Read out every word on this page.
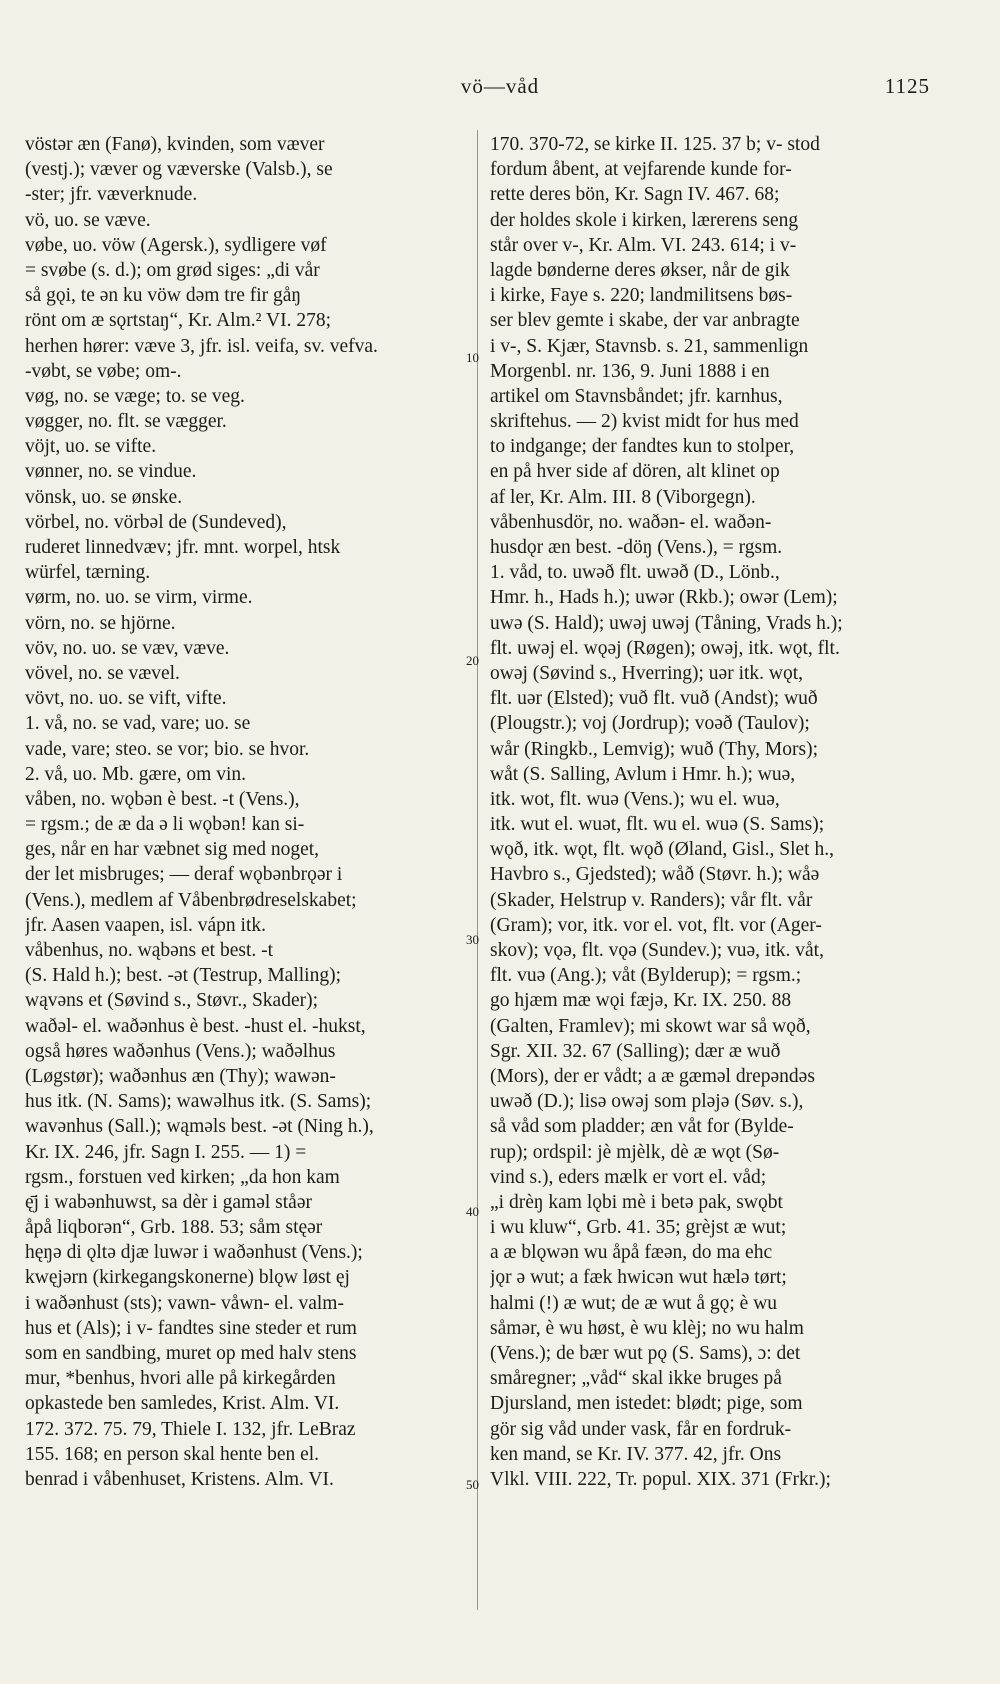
vö—våd	1125
10
20
30
40
50
vöstər æn (Fanø), kvinden, som væver
(vestj.); væver og væverske (Valsb.), se
-ster; jfr. væverknude.
vö, uo. se væve.
vøbe, uo. vöw (Agersk.), sydligere vøf
= svøbe (s. d.); om grød siges: „di vår
så gǫi, te ən ku vöw dəm tre fir gåŋ
rönt om æ sǫrtstaŋ“, Kr. Alm.² VI. 278;
herhen hører: væve 3, jfr. isl. veifa, sv. vefva.
-vøbt, se vøbe; om-.
vøg, no. se væge; to. se veg.
vøgger, no. flt. se vægger.
vöjt, uo. se vifte.
vønner, no. se vindue.
vönsk, uo. se ønske.
vörbel, no. vörbəl de (Sundeved),
ruderet linnedvæv; jfr. mnt. worpel, htsk
würfel, tærning.
vørm, no. uo. se virm, virme.
vörn, no. se hjörne.
vöv, no. uo. se væv, væve.
vövel, no. se vævel.
vövt, no. uo. se vift, vifte.
1. vå, no. se vad, vare; uo. se
vade, vare; steo. se vor; bio. se hvor.
2. vå, uo. Mb. gære, om vin.
våben, no. wǫbən è best. -t (Vens.),
= rgsm.; de æ da ə li wǫbən! kan si-
ges, når en har væbnet sig med noget,
der let misbruges; — deraf wǫbənbrǫər i
(Vens.), medlem af Våbenbrødreselskabet;
jfr. Aasen vaapen, isl. vápn itk.
våbenhus, no. wąbəns et best. -t
(S. Hald h.); best. -ət (Testrup, Malling);
wąvəns et (Søvind s., Støvr., Skader);
waðəl- el. waðənhus è best. -hust el. -hukst,
også høres waðənhus (Vens.); waðəlhus
(Løgstør); waðənhus æn (Thy); wawən-
hus itk. (N. Sams); wawəlhus itk. (S. Sams);
wavənhus (Sall.); wąməls best. -ət (Ning h.),
Kr. IX. 246, jfr. Sagn I. 255. — 1) =
rgsm., forstuen ved kirken; „da hon kam
ę̄j i wabənhuwst, sa dèr i gaməl ståər
åpå liqborən“, Grb. 188. 53; såm stęər
hęŋə di ǫltə djæ luwər i waðənhust (Vens.);
kwęjərn (kirkegangskonerne) blǫw løst ęj
i waðənhust (sts); vawn- våwn- el. valm-
hus et (Als); i v- fandtes sine steder et rum
som en sandbing, muret op med halv stens
mur, *benhus, hvori alle på kirkegården
opkastede ben samledes, Krist. Alm. VI.
172. 372. 75. 79, Thiele I. 132, jfr. LeBraz
155. 168; en person skal hente ben el.
benrad i våbenhuset, Kristens. Alm. VI.
170. 370-72, se kirke II. 125. 37 b; v- stod
fordum åbent, at vejfarende kunde for-
rette deres bön, Kr. Sagn IV. 467. 68;
der holdes skole i kirken, lærerens seng
står over v-, Kr. Alm. VI. 243. 614; i v-
lagde bønderne deres økser, når de gik
i kirke, Faye s. 220; landmilitsens bøs-
ser blev gemte i skabe, der var anbragte
i v-, S. Kjær, Stavnsb. s. 21, sammenlign
Morgenbl. nr. 136, 9. Juni 1888 i en
artikel om Stavnsbåndet; jfr. karnhus,
skriftehus. — 2) kvist midt for hus med
to indgange; der fandtes kun to stolper,
en på hver side af dören, alt klinet op
af ler, Kr. Alm. III. 8 (Viborgegn).
våbenhusdör, no. waðən- el. waðən-
husdǫr æn best. -döŋ (Vens.), = rgsm.
1. våd, to. uwəð flt. uwəð (D., Lönb.,
Hmr. h., Hads h.); uwər (Rkb.); owər (Lem);
uwə (S. Hald); uwəj uwəj (Tåning, Vrads h.);
flt. uwəj el. wǫəj (Røgen); owəj, itk. wǫt, flt.
owəj (Søvind s., Hverring); uər itk. wǫt,
flt. uər (Elsted); vuð flt. vuð (Andst); wuð
(Plougstr.); voj (Jordrup); voəð (Taulov);
wår (Ringkb., Lemvig); wuð (Thy, Mors);
wåt (S. Salling, Avlum i Hmr. h.); wuə,
itk. wot, flt. wuə (Vens.); wu el. wuə,
itk. wut el. wuət, flt. wu el. wuə (S. Sams);
wǫð, itk. wǫt, flt. wǫð (Øland, Gisl., Slet h.,
Havbro s., Gjedsted); wåð (Støvr. h.); wåə
(Skader, Helstrup v. Randers); vår flt. vår
(Gram); vor, itk. vor el. vot, flt. vor (Ager-
skov); vǫə, flt. vǫə (Sundev.); vuə, itk. våt,
flt. vuə (Ang.); våt (Bylderup); = rgsm.;
go hjæm mæ wǫi fæjə, Kr. IX. 250. 88
(Galten, Framlev); mi skowt war så wǫð,
Sgr. XII. 32. 67 (Salling); dær æ wuð
(Mors), der er vådt; a æ gæməl drepəndəs
uwəð (D.); lisə owəj som pləjə (Søv. s.),
så våd som pladder; æn våt for (Bylde-
rup); ordspil: jè mjèlk, dè æ wǫt (Sø-
vind s.), eders mælk er vort el. våd;
„i drèŋ kam lǫbi mè i betə pak, swǫbt
i wu kluw“, Grb. 41. 35; grèjst æ wut;
a æ blǫwən wu åpå fæən, do ma ehc
jǫr ə wut; a fæk hwicən wut hælə tørt;
halmi (!) æ wut; de æ wut å gǫ; è wu
såmər, è wu høst, è wu klèj; no wu halm
(Vens.); de bær wut pǫ (S. Sams), ɔ: det
småregner; „våd“ skal ikke bruges på
Djursland, men istedet: blødt; pige, som
gör sig våd under vask, får en fordruk-
ken mand, se Kr. IV. 377. 42, jfr. Ons
Vlkl. VIII. 222, Tr. popul. XIX. 371 (Frkr.);
